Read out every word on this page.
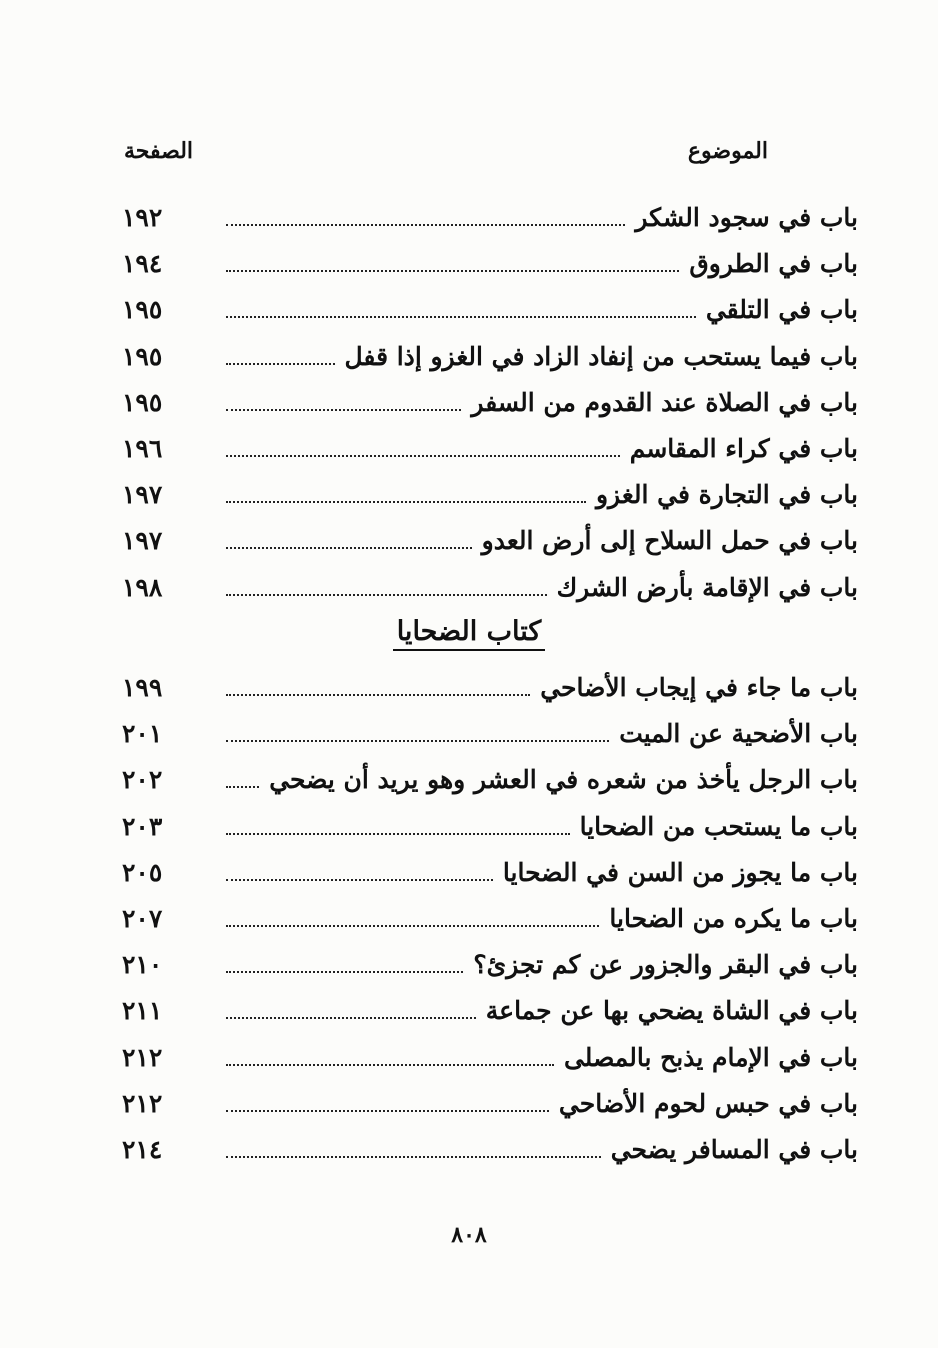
الموضوع
الصفحة
باب في سجود الشكر
١٩٢
باب في الطروق
١٩٤
باب في التلقي
١٩٥
باب فيما يستحب من إنفاد الزاد في الغزو إذا قفل
١٩٥
باب في الصلاة عند القدوم من السفر
١٩٥
باب في كراء المقاسم
١٩٦
باب في التجارة في الغزو
١٩٧
باب في حمل السلاح إلى أرض العدو
١٩٧
باب في الإقامة بأرض الشرك
١٩٨
كتاب الضحايا
باب ما جاء في إيجاب الأضاحي
١٩٩
باب الأضحية عن الميت
٢٠١
باب الرجل يأخذ من شعره في العشر وهو يريد أن يضحي
٢٠٢
باب ما يستحب من الضحايا
٢٠٣
باب ما يجوز من السن في الضحايا
٢٠٥
باب ما يكره من الضحايا
٢٠٧
باب في البقر والجزور عن كم تجزئ؟
٢١٠
باب في الشاة يضحي بها عن جماعة
٢١١
باب في الإمام يذبح بالمصلى
٢١٢
باب في حبس لحوم الأضاحي
٢١٢
باب في المسافر يضحي
٢١٤
٨٠٨
